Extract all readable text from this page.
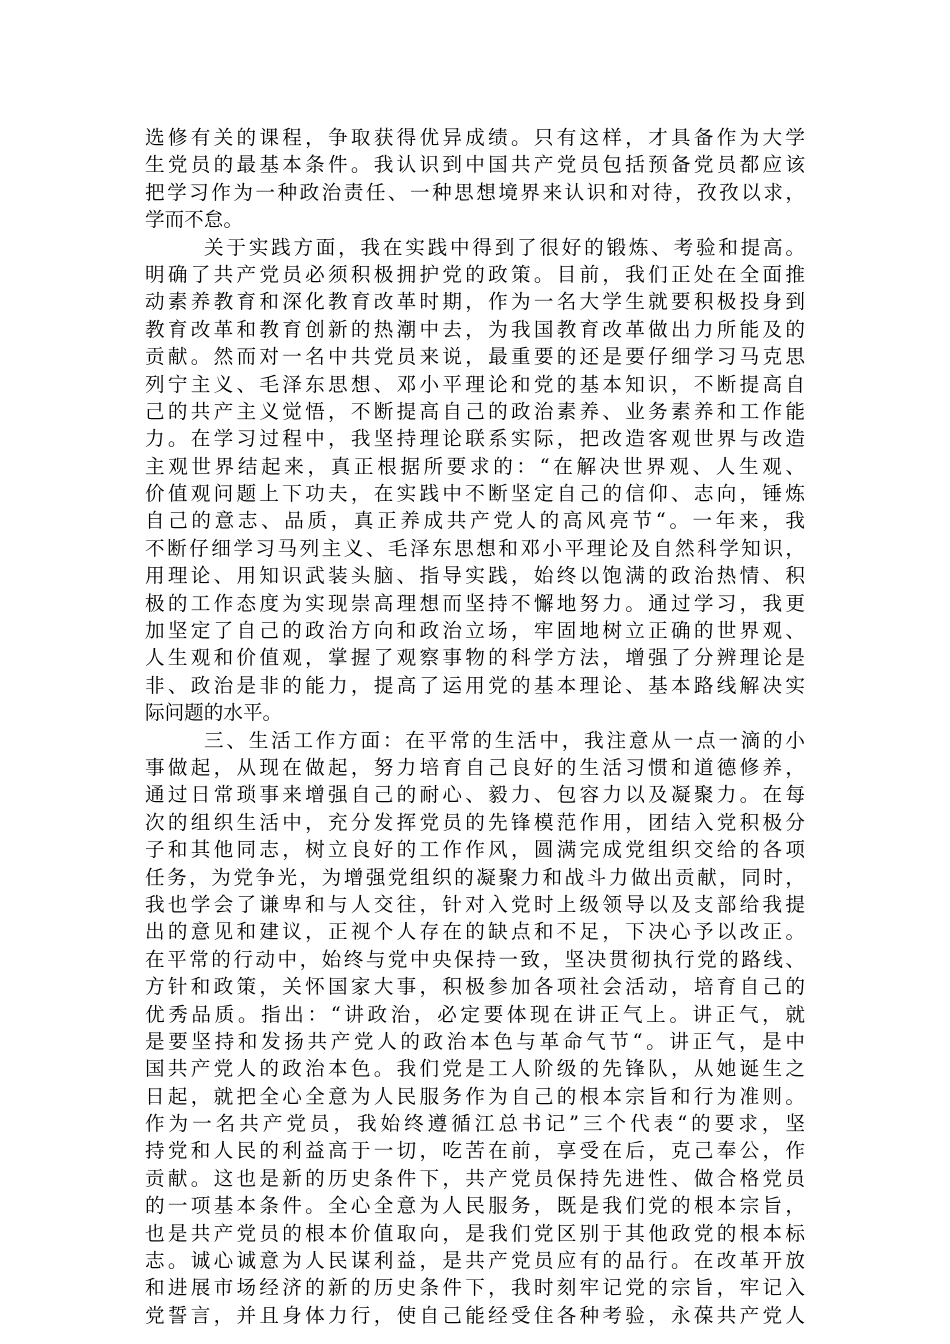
选修有关的课程，争取获得优异成绩。只有这样，才具备作为大学
生党员的最基本条件。我认识到中国共产党员包括预备党员都应该
把学习作为一种政治责任、一种思想境界来认识和对待，孜孜以求，
学而不怠。
关于实践方面，我在实践中得到了很好的锻炼、考验和提高。
明确了共产党员必须积极拥护党的政策。目前，我们正处在全面推
动素养教育和深化教育改革时期，作为一名大学生就要积极投身到
教育改革和教育创新的热潮中去，为我国教育改革做出力所能及的
贡献。然而对一名中共党员来说，最重要的还是要仔细学习马克思
列宁主义、毛泽东思想、邓小平理论和党的基本知识，不断提高自
己的共产主义觉悟，不断提高自己的政治素养、业务素养和工作能
力。在学习过程中，我坚持理论联系实际，把改造客观世界与改造
主观世界结起来，真正根据所要求的：“在解决世界观、人生观、
价值观问题上下功夫，在实践中不断坚定自己的信仰、志向，锤炼
自己的意志、品质，真正养成共产党人的高风亮节“。一年来，我
不断仔细学习马列主义、毛泽东思想和邓小平理论及自然科学知识，
用理论、用知识武装头脑、指导实践，始终以饱满的政治热情、积
极的工作态度为实现崇高理想而坚持不懈地努力。通过学习，我更
加坚定了自己的政治方向和政治立场，牢固地树立正确的世界观、
人生观和价值观，掌握了观察事物的科学方法，增强了分辨理论是
非、政治是非的能力，提高了运用党的基本理论、基本路线解决实
际问题的水平。
三、生活工作方面：在平常的生活中，我注意从一点一滴的小
事做起，从现在做起，努力培育自己良好的生活习惯和道德修养，
通过日常琐事来增强自己的耐心、毅力、包容力以及凝聚力。在每
次的组织生活中，充分发挥党员的先锋模范作用，团结入党积极分
子和其他同志，树立良好的工作作风，圆满完成党组织交给的各项
任务，为党争光，为增强党组织的凝聚力和战斗力做出贡献，同时，
我也学会了谦卑和与人交往，针对入党时上级领导以及支部给我提
出的意见和建议，正视个人存在的缺点和不足，下决心予以改正。
在平常的行动中，始终与党中央保持一致，坚决贯彻执行党的路线、
方针和政策，关怀国家大事，积极参加各项社会活动，培育自己的
优秀品质。指出：“讲政治，必定要体现在讲正气上。讲正气，就
是要坚持和发扬共产党人的政治本色与革命气节“。讲正气，是中
国共产党人的政治本色。我们党是工人阶级的先锋队，从她诞生之
日起，就把全心全意为人民服务作为自己的根本宗旨和行为准则。
作为一名共产党员，我始终遵循江总书记”三个代表“的要求，坚
持党和人民的利益高于一切，吃苦在前，享受在后，克己奉公，作
贡献。这也是新的历史条件下，共产党员保持先进性、做合格党员
的一项基本条件。全心全意为人民服务，既是我们党的根本宗旨，
也是共产党员的根本价值取向，是我们党区别于其他政党的根本标
志。诚心诚意为人民谋利益，是共产党员应有的品行。在改革开放
和进展市场经济的新的历史条件下，我时刻牢记党的宗旨，牢记入
党誓言，并且身体力行，使自己能经受住各种考验，永葆共产党人
